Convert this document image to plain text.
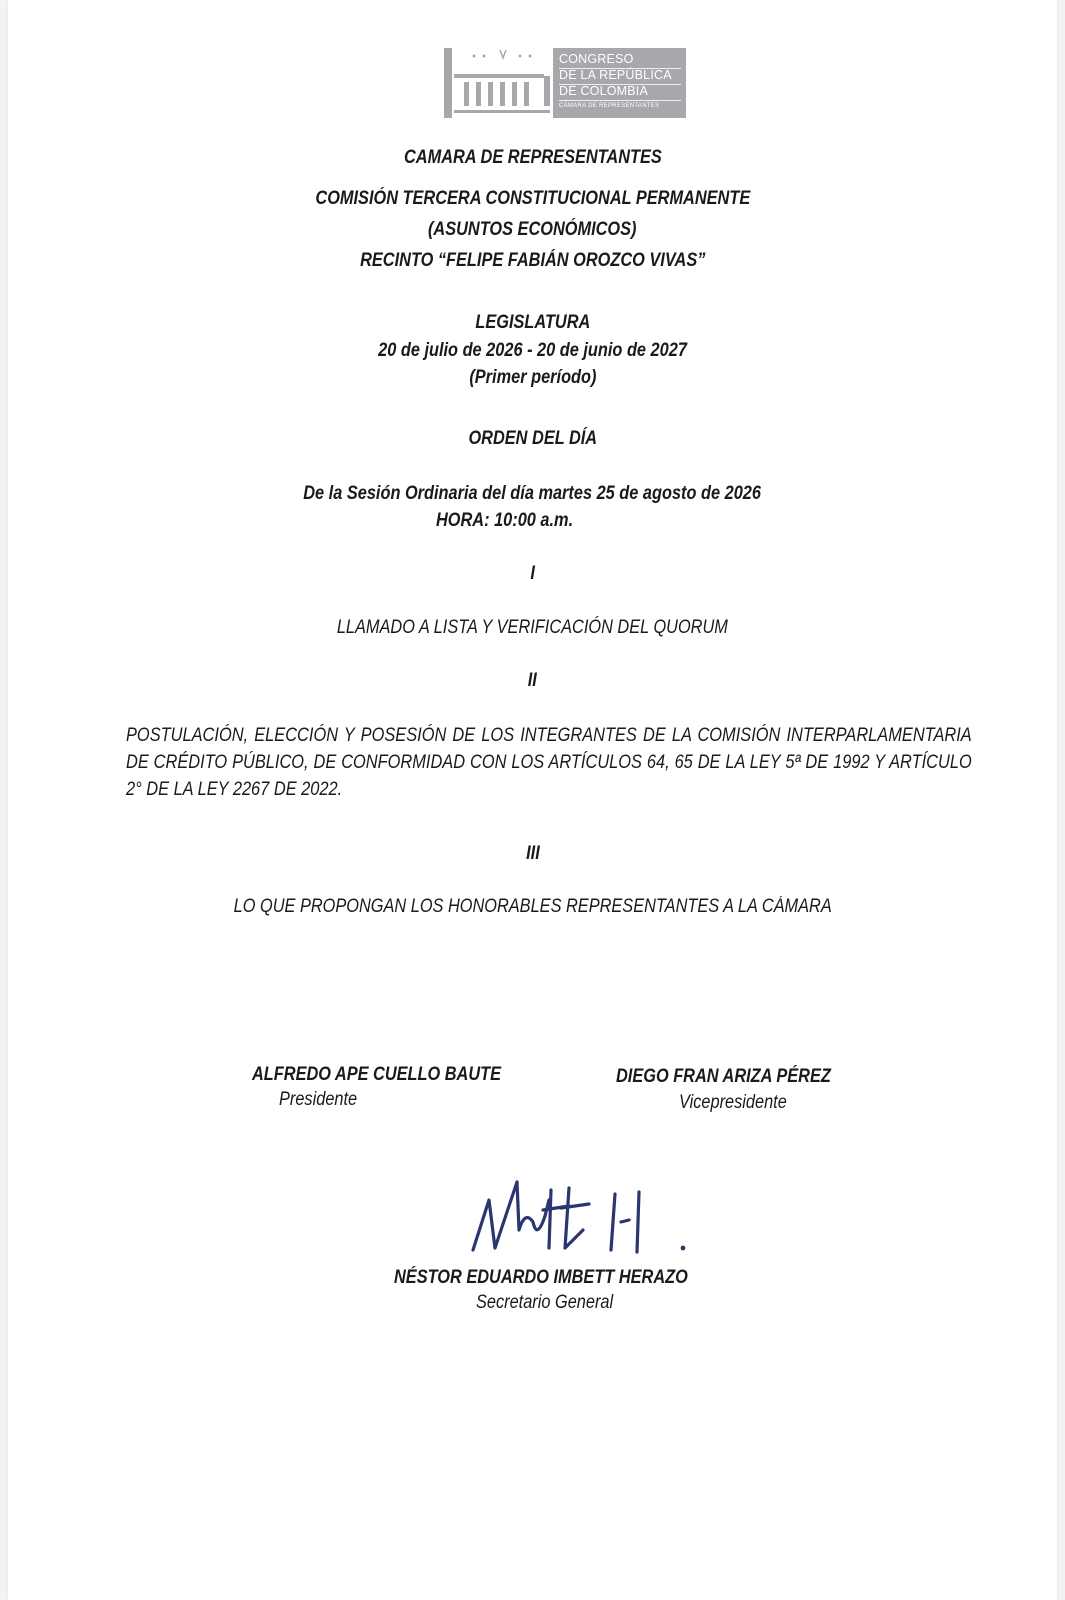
CONGRESO
DE LA REPÚBLICA
DE COLOMBIA
CÁMARA DE REPRESENTANTES
CAMARA DE REPRESENTANTES
COMISIÓN TERCERA CONSTITUCIONAL PERMANENTE
(ASUNTOS ECONÓMICOS)
RECINTO “FELIPE FABIÁN OROZCO VIVAS”
LEGISLATURA
20 de julio de 2026 - 20 de junio de 2027
(Primer período)
ORDEN DEL DÍA
De la Sesión Ordinaria del día martes 25 de agosto de 2026
HORA: 10:00 a.m.
I
LLAMADO A LISTA Y VERIFICACIÓN DEL QUORUM
II
POSTULACIÓN, ELECCIÓN Y POSESIÓN DE LOS INTEGRANTES DE LA COMISIÓN INTERPARLAMENTARIA DE CRÉDITO PÚBLICO, DE CONFORMIDAD CON LOS ARTÍCULOS 64, 65 DE LA LEY 5ª DE 1992 Y ARTÍCULO 2° DE LA LEY 2267 DE 2022.
III
LO QUE PROPONGAN LOS HONORABLES REPRESENTANTES A LA CÁMARA
ALFREDO APE CUELLO BAUTE
Presidente
DIEGO FRAN ARIZA PÉREZ
Vicepresidente
NÉSTOR EDUARDO IMBETT HERAZO
Secretario General
